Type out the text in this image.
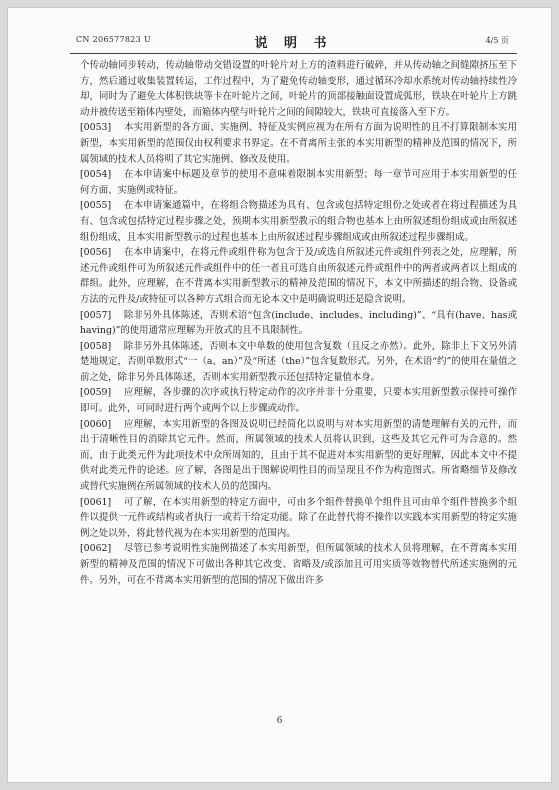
CN 206577823 U	说 明 书	4/5 页

个传动轴同步转动，传动轴带动交错设置的叶轮片对上方的渣料进行破碎，并从传动轴之间缝隙挤压至下方，然后通过收集装置转运，工作过程中，为了避免传动轴变形，通过循环冷却水系统对传动轴持续性冷却，同时为了避免大体积铁块等卡在叶轮片之间，叶轮片的顶部接触面设置成弧形，铁块在叶轮片上方跳动并被传送至箱体内壁处，而箱体内壁与叶轮片之间的间隙较大，铁块可直接落入至下方。

[0053]　 本实用新型的各方面、实施例、特征及实例应视为在所有方面为说明性的且不打算限制本实用新型，本实用新型的范围仅由权利要求书界定。在不背离所主张的本实用新型的精神及范围的情况下，所属领域的技术人员将明了其它实施例、修改及使用。

[0054]　 在本申请案中标题及章节的使用不意味着限制本实用新型；每一章节可应用于本实用新型的任何方面、实施例或特征。

[0055]　 在本申请案通篇中，在将组合物描述为具有、包含或包括特定组份之处或者在将过程描述为具有、包含或包括特定过程步骤之处，预期本实用新型教示的组合物也基本上由所叙述组份组成或由所叙述组份组成，且本实用新型教示的过程也基本上由所叙述过程步骤组成或由所叙述过程步骤组成。

[0056]　 在本申请案中，在将元件或组件称为包含于及/或选自所叙述元件或组件列表之处，应理解，所述元件或组件可为所叙述元件或组件中的任一者且可选自由所叙述元件或组件中的两者或两者以上组成的群组。此外，应理解，在不背离本实用新型教示的精神及范围的情况下，本文中所描述的组合物、设备或方法的元件及/或特征可以各种方式组合而无论本文中是明确说明还是隐含说明。

[0057]　 除非另外具体陈述，否则术语“包含(include、includes、including)”、“具有(have、has或having)”的使用通常应理解为开放式的且不具限制性。

[0058]　 除非另外具体陈述，否则本文中单数的使用包含复数（且反之亦然）。此外，除非上下文另外清楚地规定，否则单数形式“一（a、an）”及“所述（the）”包含复数形式。另外，在术语“约”的使用在量值之前之处，除非另外具体陈述，否则本实用新型教示还包括特定量值本身。

[0059]　 应理解，各步骤的次序或执行特定动作的次序并非十分重要，只要本实用新型教示保持可操作即可。此外，可同时进行两个或两个以上步骤或动作。

[0060]　 应理解，本实用新型的各图及说明已经简化以说明与对本实用新型的清楚理解有关的元件，而出于清晰性目的消除其它元件。然而，所属领域的技术人员将认识到，这些及其它元件可为合意的。然而，由于此类元件为此项技术中众所周知的，且由于其不促进对本实用新型的更好理解，因此本文中不提供对此类元件的论述。应了解，各图是出于图解说明性目的而呈现且不作为构造图式。所省略细节及修改或替代实施例在所属领域的技术人员的范围内。

[0061]　 可了解，在本实用新型的特定方面中，可由多个组件替换单个组件且可由单个组件替换多个组件以提供一元件或结构或者执行一或若干给定功能。除了在此替代将不操作以实践本实用新型的特定实施例之处以外，将此替代视为在本实用新型的范围内。

[0062]　 尽管已参考说明性实施例描述了本实用新型，但所属领域的技术人员将理解，在不背离本实用新型的精神及范围的情况下可做出各种其它改变、省略及/或添加且可用实质等效物替代所述实施例的元件。另外，可在不背离本实用新型的范围的情况下做出许多

6
